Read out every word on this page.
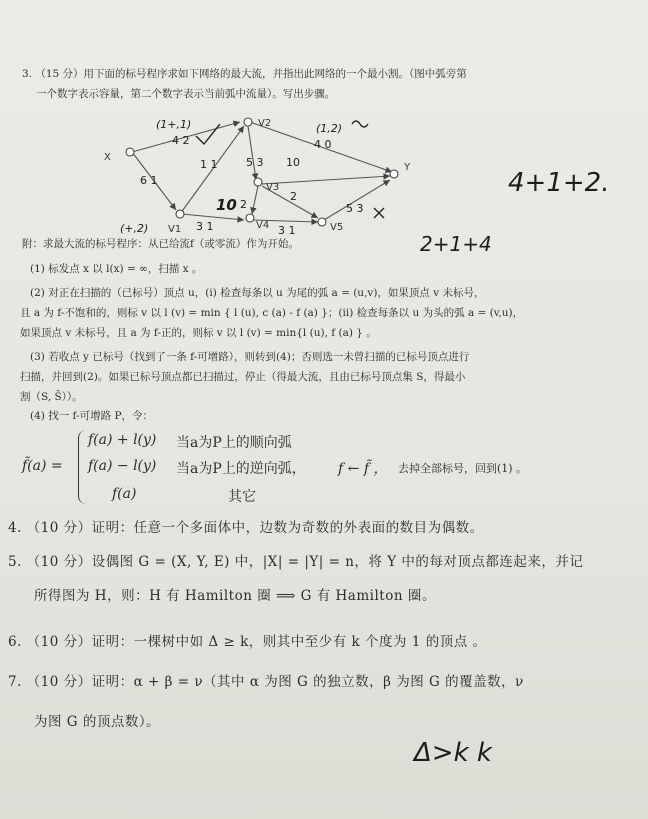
3. （15 分）用下面的标号程序求如下网络的最大流，并指出此网络的一个最小割。（图中弧旁第
一个数字表示容量，第二个数字表示当前弧中流量）。写出步骤。
X
V2
V1
V3
V4	V5
Y
4 2
6 1
1 1	5 3
4 0
10
3 1
2
3 1
2
5 3
(1+,1)	(1,2)
10
(+,2)
4+1+2.
2+1+4
附：求最大流的标号程序：从已给流f（或零流）作为开始。
(1) 标发点 x 以 l(x) = ∞，扫描 x 。
(2) 对正在扫描的（已标号）顶点 u，(i) 检查每条以 u 为尾的弧 a = (u,v)，如果顶点 v 未标号，
且 a 为 f-不饱和的，则标 v 以 l (v) = min { l (u), c (a) - f (a) }；(ii) 检查每条以 u 为头的弧 a = (v,u)，
如果顶点 v 未标号，且 a 为 f-正的，则标 v 以 l (v) = min{l (u), f (a) } 。
(3) 若收点 y 已标号（找到了一条 f-可增路），则转到(4)；否则选一未曾扫描的已标号顶点进行
扫描，并回到(2)。如果已标号顶点都已扫描过，停止（得最大流，且由已标号顶点集 S，得最小
割（S, S̄））。
(4) 找一 f-可增路 P，令：
f̃(a) =
f(a) + l(y) 当a为P上的顺向弧
f(a) − l(y) 当a为P上的逆向弧， f ← f̃ ， 去掉全部标号，回到(1) 。
f(a)	其它
4. （10 分）证明：任意一个多面体中，边数为奇数的外表面的数目为偶数。
5. （10 分）设偶图 G = (X, Y, E) 中，|X| = |Y| = n，将 Y 中的每对顶点都连起来，并记
所得图为 H，则：H 有 Hamilton 圈 ⟹ G 有 Hamilton 圈。
6. （10 分）证明：一棵树中如 Δ ≥ k，则其中至少有 k 个度为 1 的顶点 。
7. （10 分）证明：α + β = ν（其中 α 为图 G 的独立数，β 为图 G 的覆盖数，ν
为图 G 的顶点数）。
Δ>k k
